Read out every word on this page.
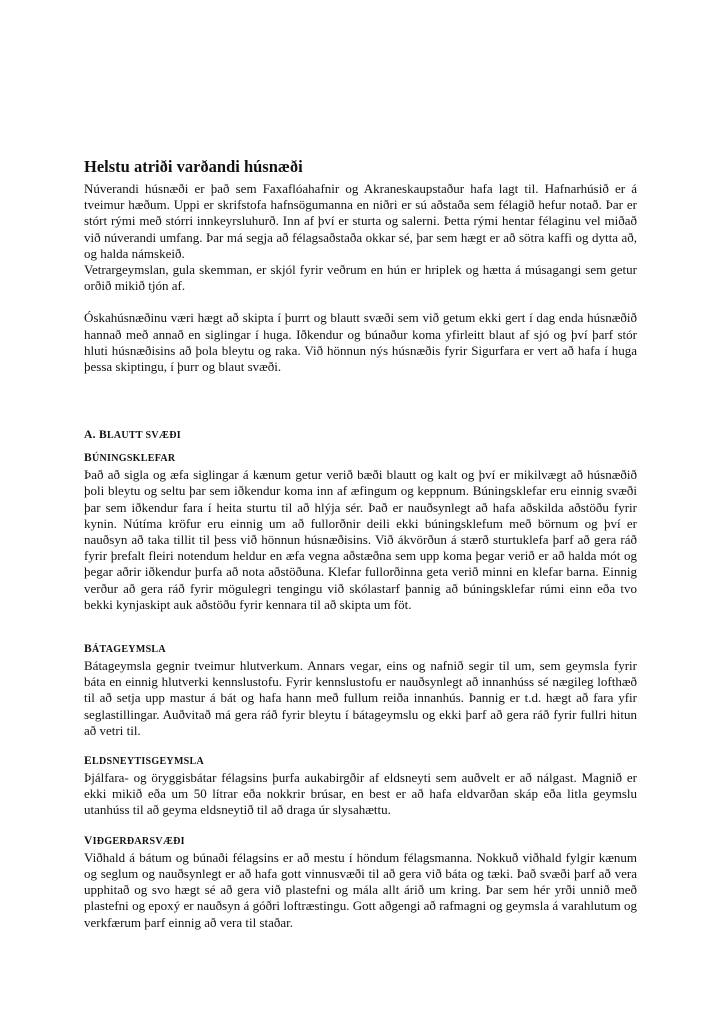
Helstu atriði varðandi húsnæði

Núverandi húsnæði er það sem Faxaflóahafnir og Akraneskaupstaður hafa lagt til. Hafnarhúsið er á tveimur hæðum. Uppi er skrifstofa hafnsögumanna en niðri er sú aðstaða sem félagið hefur notað. Þar er stórt rými með stórri innkeyrsluhurð. Inn af því er sturta og salerni. Þetta rými hentar félaginu vel miðað við núverandi umfang. Þar má segja að félagsaðstaða okkar sé, þar sem hægt er að sötra kaffi og dytta að, og halda námskeið.

Vetrargeymslan, gula skemman, er skjól fyrir veðrum en hún er hriplek og hætta á músagangi sem getur orðið mikið tjón af.

Óskahúsnæðinu væri hægt að skipta í þurrt og blautt svæði sem við getum ekki gert í dag enda húsnæðið hannað með annað en siglingar í huga. Iðkendur og búnaður koma yfirleitt blaut af sjó og því þarf stór hluti húsnæðisins að þola bleytu og raka. Við hönnun nýs húsnæðis fyrir Sigurfara er vert að hafa í huga þessa skiptingu, í þurr og blaut svæði.

A. BLAUTT SVÆÐI
BÚNINGSKLEFAR

Það að sigla og æfa siglingar á kænum getur verið bæði blautt og kalt og því er mikilvægt að húsnæðið þoli bleytu og seltu þar sem iðkendur koma inn af æfingum og keppnum. Búningsklefar eru einnig svæði þar sem iðkendur fara í heita sturtu til að hlýja sér. Það er nauðsynlegt að hafa aðskilda aðstöðu fyrir kynin. Nútíma kröfur eru einnig um að fullorðnir deili ekki búningsklefum með börnum og því er nauðsyn að taka tillit til þess við hönnun húsnæðisins. Við ákvörðun á stærð sturtuklefa þarf að gera ráð fyrir þrefalt fleiri notendum heldur en æfa vegna aðstæðna sem upp koma þegar verið er að halda mót og þegar aðrir iðkendur þurfa að nota aðstöðuna. Klefar fullorðinna geta verið minni en klefar barna. Einnig verður að gera ráð fyrir mögulegri tengingu við skólastarf þannig að búningsklefar rúmi einn eða tvo bekki kynjaskipt auk aðstöðu fyrir kennara til að skipta um föt.

BÁTAGEYMSLA

Bátageymsla gegnir tveimur hlutverkum. Annars vegar, eins og nafnið segir til um, sem geymsla fyrir báta en einnig hlutverki kennslustofu. Fyrir kennslustofu er nauðsynlegt að innanhúss sé nægileg lofthæð til að setja upp mastur á bát og hafa hann með fullum reiða innanhús. Þannig er t.d. hægt að fara yfir seglastillingar. Auðvitað má gera ráð fyrir bleytu í bátageymslu og ekki þarf að gera ráð fyrir fullri hitun að vetri til.

ELDSNEYTISGEYMSLA

Þjálfara- og öryggisbátar félagsins þurfa aukabirgðir af eldsneyti sem auðvelt er að nálgast. Magnið er ekki mikið eða um 50 lítrar eða nokkrir brúsar, en best er að hafa eldvarðan skáp eða litla geymslu utanhúss til að geyma eldsneytið til að draga úr slysahættu.

VIÐGERÐARSVÆÐI

Viðhald á bátum og búnaði félagsins er að mestu í höndum félagsmanna. Nokkuð viðhald fylgir kænum og seglum og nauðsynlegt er að hafa gott vinnusvæði til að gera við báta og tæki. Það svæði þarf að vera upphitað og svo hægt sé að gera við plastefni og mála allt árið um kring. Þar sem hér yrði unnið með plastefni og epoxý er nauðsyn á góðri loftræstingu. Gott aðgengi að rafmagni og geymsla á varahlutum og verkfærum þarf einnig að vera til staðar.
